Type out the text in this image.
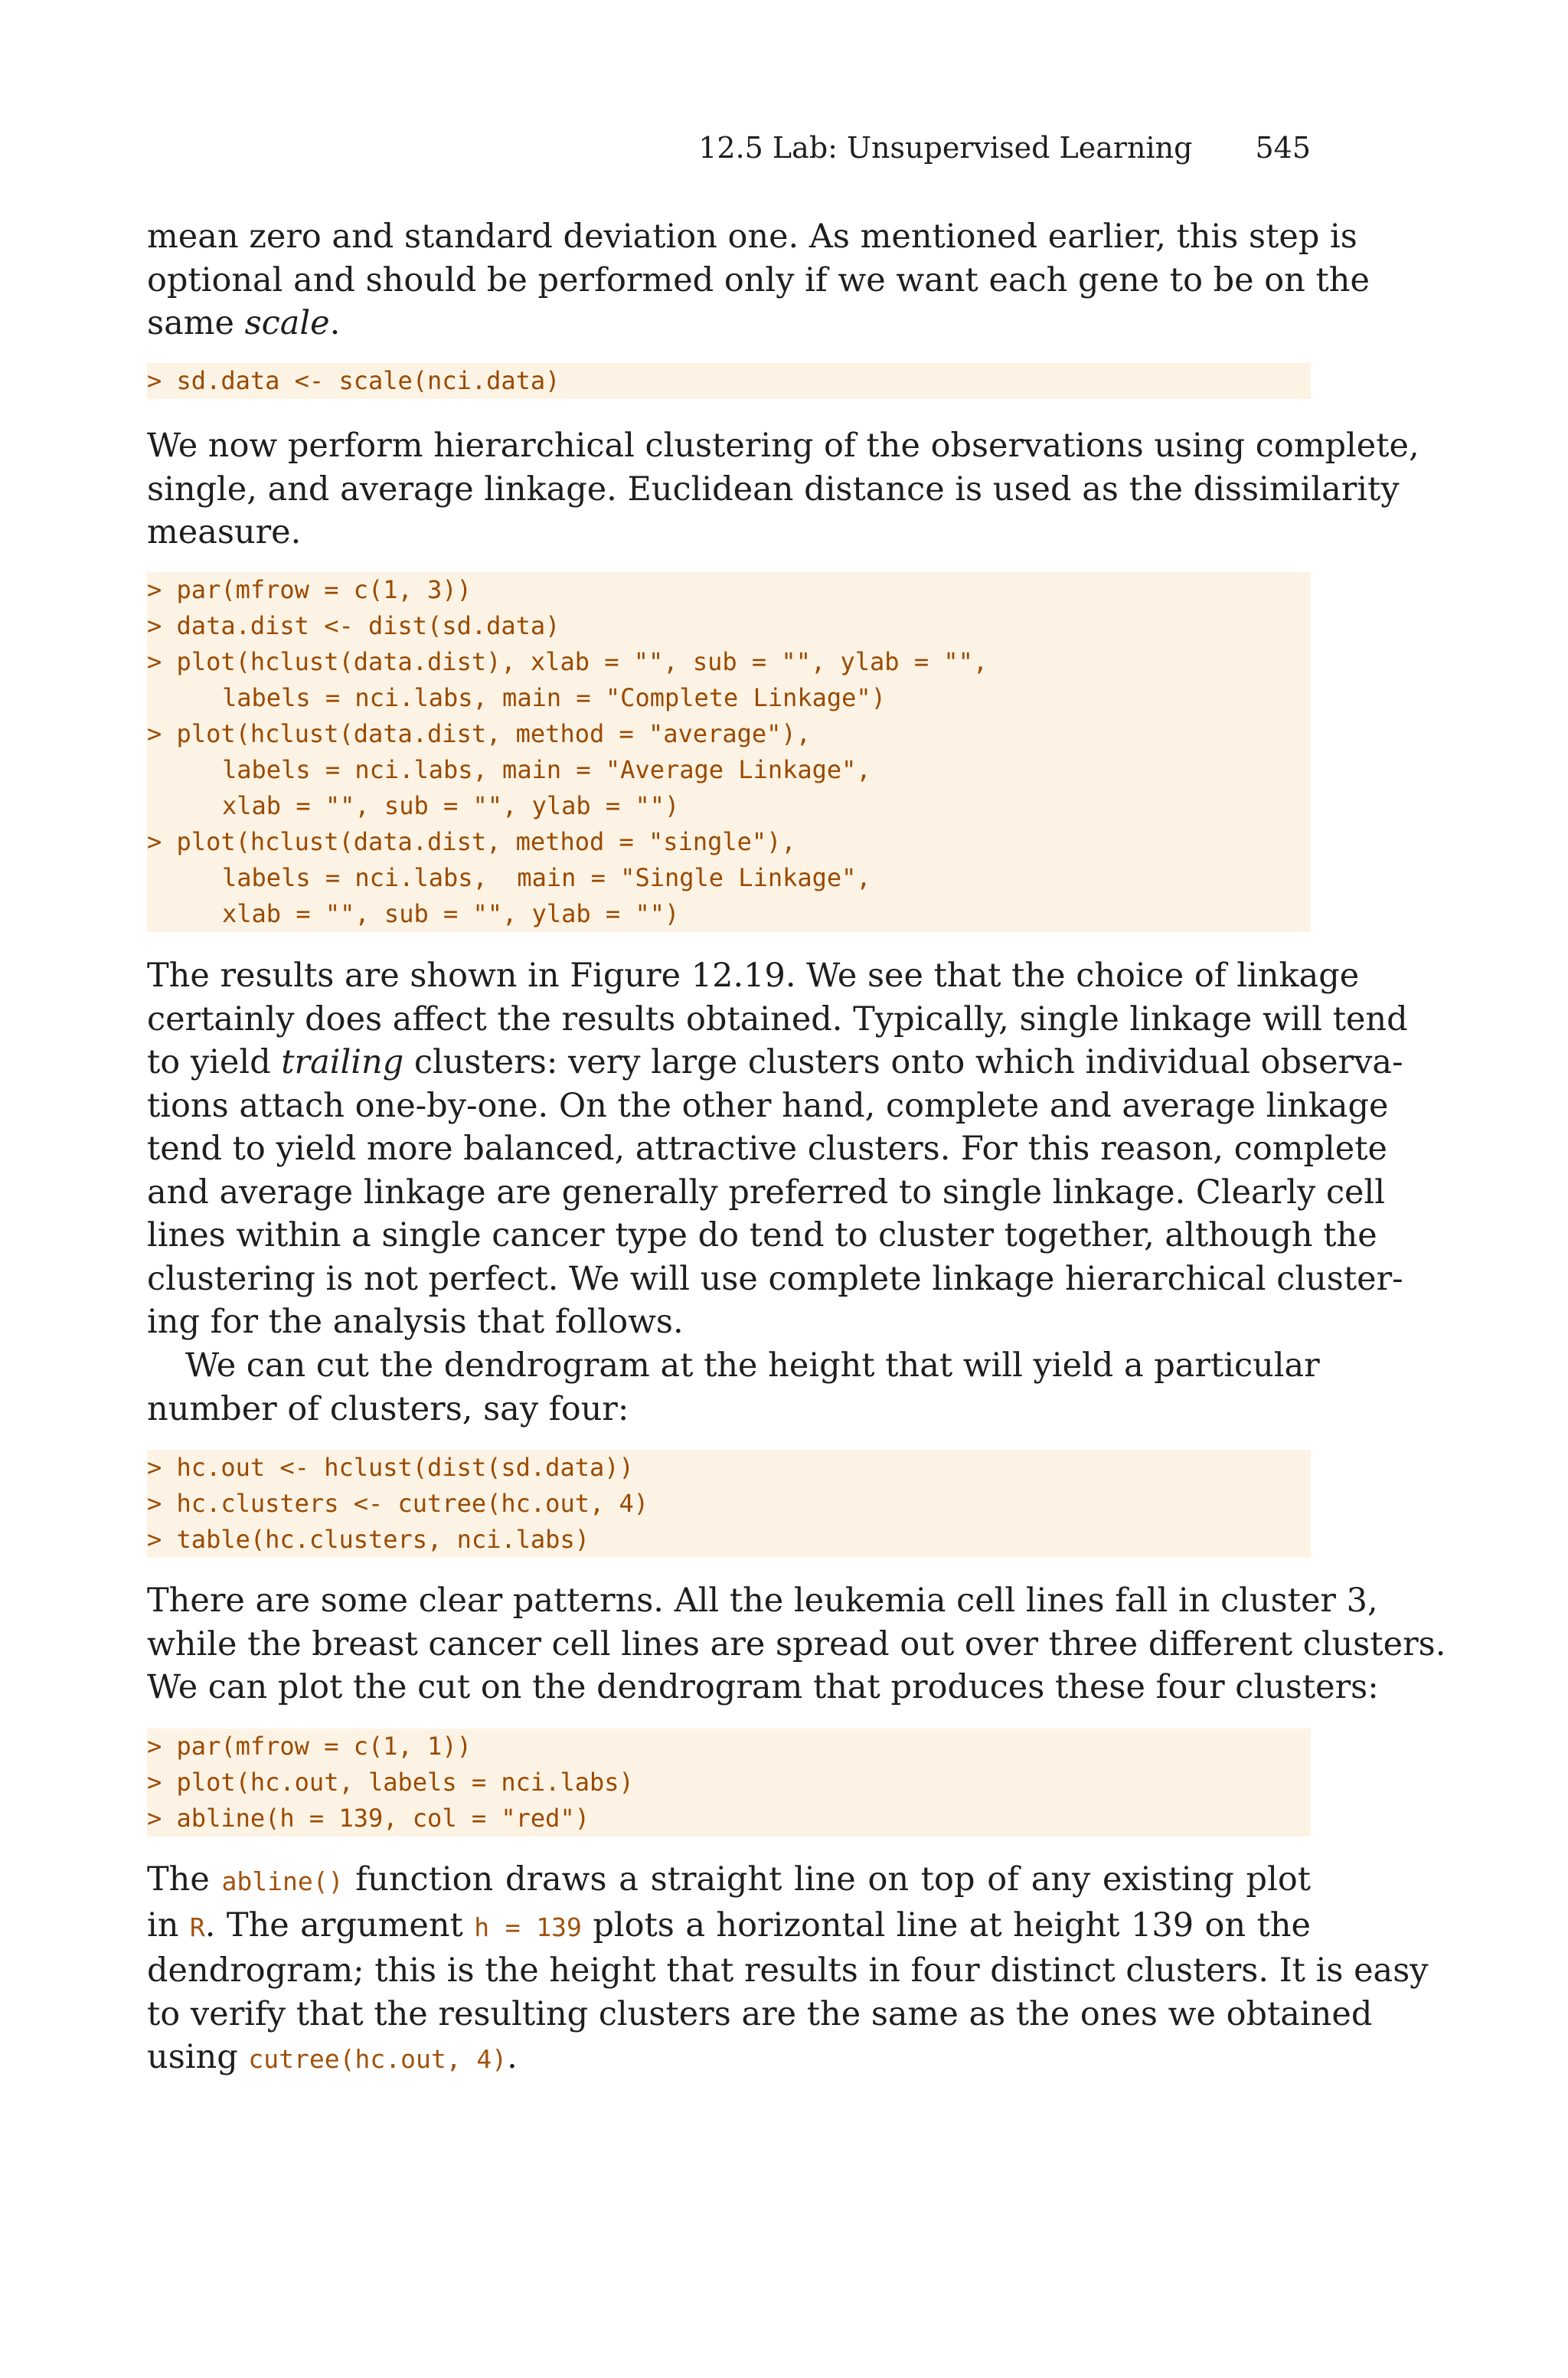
12.5 Lab: Unsupervised Learning 545
mean zero and standard deviation one. As mentioned earlier, this step is
optional and should be performed only if we want each gene to be on the
same scale.
> sd.data <- scale(nci.data)
We now perform hierarchical clustering of the observations using complete,
single, and average linkage. Euclidean distance is used as the dissimilarity
measure.
> par(mfrow = c(1, 3))
> data.dist <- dist(sd.data)
> plot(hclust(data.dist), xlab = "", sub = "", ylab = "",
labels = nci.labs, main = "Complete Linkage")
> plot(hclust(data.dist, method = "average"),
labels = nci.labs, main = "Average Linkage",
xlab = "", sub = "", ylab = "")
> plot(hclust(data.dist, method = "single"),
labels = nci.labs,  main = "Single Linkage",
xlab = "", sub = "", ylab = "")
The results are shown in Figure 12.19. We see that the choice of linkage
certainly does affect the results obtained. Typically, single linkage will tend
to yield trailing clusters: very large clusters onto which individual observa-
tions attach one-by-one. On the other hand, complete and average linkage
tend to yield more balanced, attractive clusters. For this reason, complete
and average linkage are generally preferred to single linkage. Clearly cell
lines within a single cancer type do tend to cluster together, although the
clustering is not perfect. We will use complete linkage hierarchical cluster-
ing for the analysis that follows.
We can cut the dendrogram at the height that will yield a particular
number of clusters, say four:
> hc.out <- hclust(dist(sd.data))
> hc.clusters <- cutree(hc.out, 4)
> table(hc.clusters, nci.labs)
There are some clear patterns. All the leukemia cell lines fall in cluster 3,
while the breast cancer cell lines are spread out over three different clusters.
We can plot the cut on the dendrogram that produces these four clusters:
> par(mfrow = c(1, 1))
> plot(hc.out, labels = nci.labs)
> abline(h = 139, col = "red")
The abline() function draws a straight line on top of any existing plot
in R. The argument h = 139 plots a horizontal line at height 139 on the
dendrogram; this is the height that results in four distinct clusters. It is easy
to verify that the resulting clusters are the same as the ones we obtained
using cutree(hc.out, 4).
